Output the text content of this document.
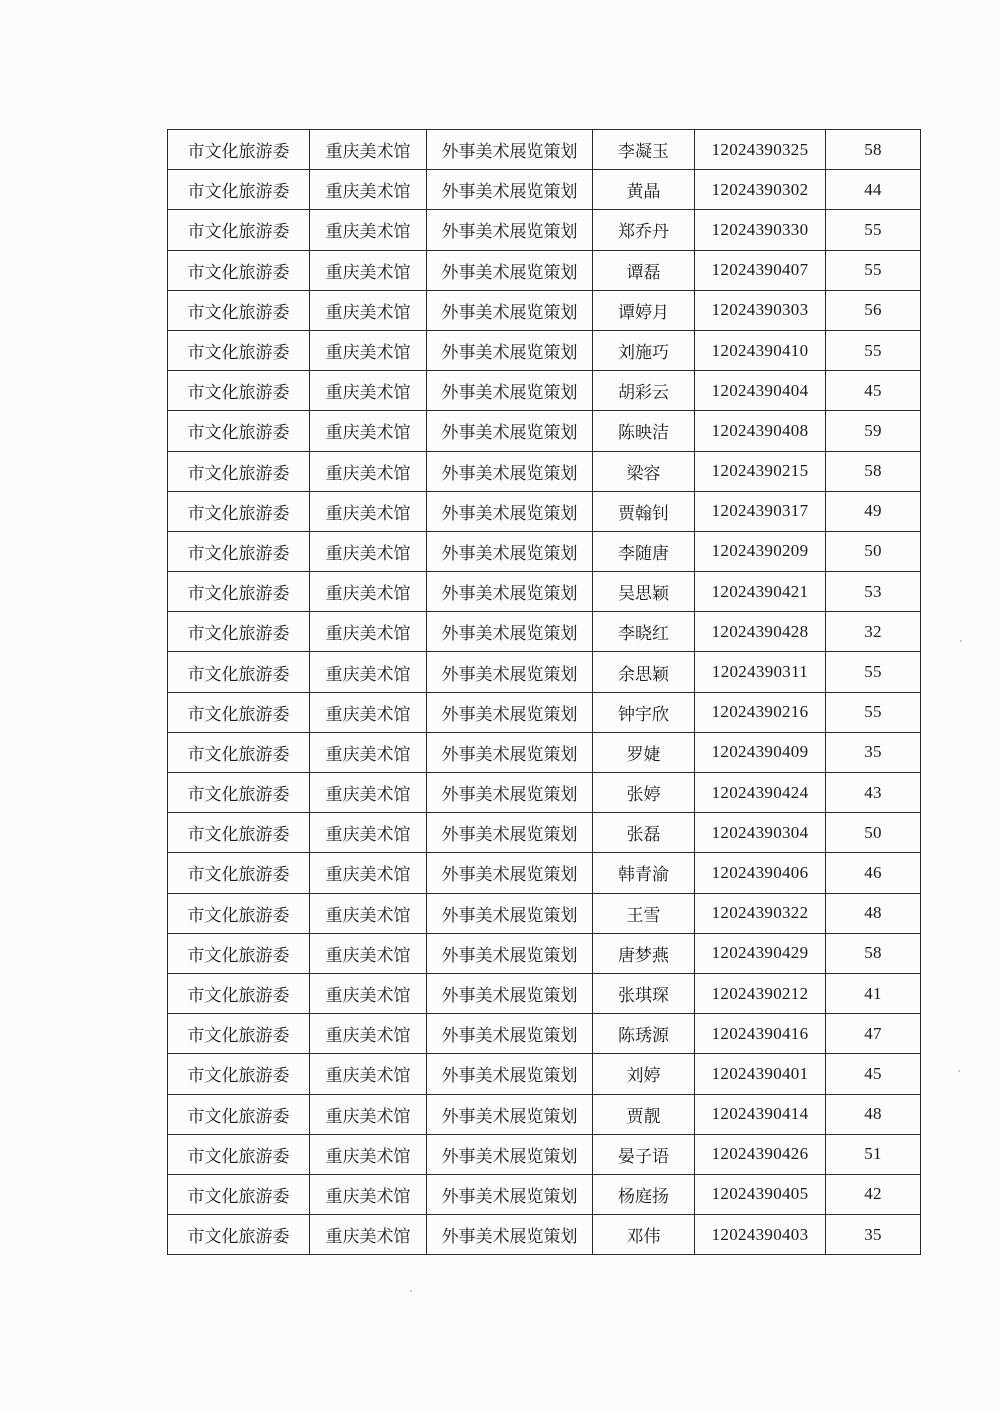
市文化旅游委	重庆美术馆	外事美术展览策划	李凝玉	12024390325	58
市文化旅游委	重庆美术馆	外事美术展览策划	黄晶	12024390302	44
市文化旅游委	重庆美术馆	外事美术展览策划	郑乔丹	12024390330	55
市文化旅游委	重庆美术馆	外事美术展览策划	谭磊	12024390407	55
市文化旅游委	重庆美术馆	外事美术展览策划	谭婷月	12024390303	56
市文化旅游委	重庆美术馆	外事美术展览策划	刘施巧	12024390410	55
市文化旅游委	重庆美术馆	外事美术展览策划	胡彩云	12024390404	45
市文化旅游委	重庆美术馆	外事美术展览策划	陈映洁	12024390408	59
市文化旅游委	重庆美术馆	外事美术展览策划	梁容	12024390215	58
市文化旅游委	重庆美术馆	外事美术展览策划	贾翰钊	12024390317	49
市文化旅游委	重庆美术馆	外事美术展览策划	李随唐	12024390209	50
市文化旅游委	重庆美术馆	外事美术展览策划	吴思颖	12024390421	53
市文化旅游委	重庆美术馆	外事美术展览策划	李晓红	12024390428	32
市文化旅游委	重庆美术馆	外事美术展览策划	余思颖	12024390311	55
市文化旅游委	重庆美术馆	外事美术展览策划	钟宇欣	12024390216	55
市文化旅游委	重庆美术馆	外事美术展览策划	罗婕	12024390409	35
市文化旅游委	重庆美术馆	外事美术展览策划	张婷	12024390424	43
市文化旅游委	重庆美术馆	外事美术展览策划	张磊	12024390304	50
市文化旅游委	重庆美术馆	外事美术展览策划	韩青渝	12024390406	46
市文化旅游委	重庆美术馆	外事美术展览策划	王雪	12024390322	48
市文化旅游委	重庆美术馆	外事美术展览策划	唐梦燕	12024390429	58
市文化旅游委	重庆美术馆	外事美术展览策划	张琪琛	12024390212	41
市文化旅游委	重庆美术馆	外事美术展览策划	陈琇源	12024390416	47
市文化旅游委	重庆美术馆	外事美术展览策划	刘婷	12024390401	45
市文化旅游委	重庆美术馆	外事美术展览策划	贾靓	12024390414	48
市文化旅游委	重庆美术馆	外事美术展览策划	晏子语	12024390426	51
市文化旅游委	重庆美术馆	外事美术展览策划	杨庭扬	12024390405	42
市文化旅游委	重庆美术馆	外事美术展览策划	邓伟	12024390403	35
